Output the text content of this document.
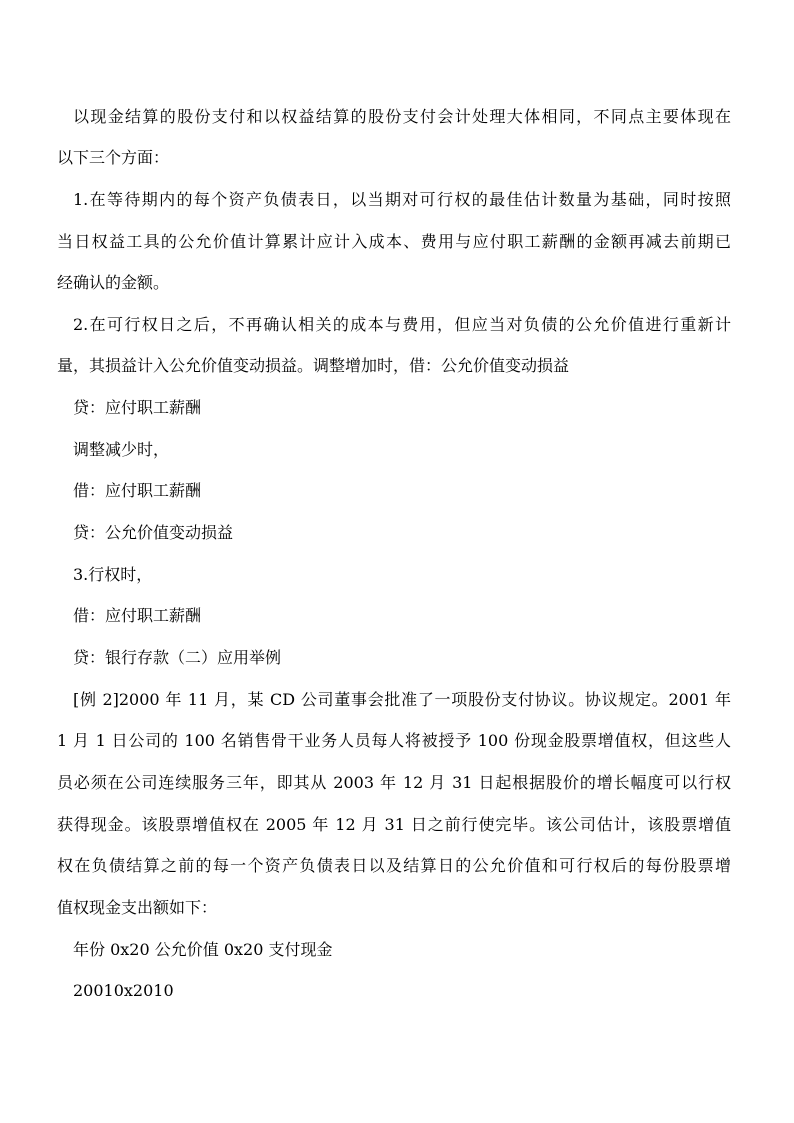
以现金结算的股份支付和以权益结算的股份支付会计处理大体相同，不同点主要体现在

以下三个方面：

1.在等待期内的每个资产负债表日，以当期对可行权的最佳估计数量为基础，同时按照

当日权益工具的公允价值计算累计应计入成本、费用与应付职工薪酬的金额再减去前期已

经确认的金额。

2.在可行权日之后，不再确认相关的成本与费用，但应当对负债的公允价值进行重新计

量，其损益计入公允价值变动损益。调整增加时，借：公允价值变动损益

贷：应付职工薪酬

调整减少时，

借：应付职工薪酬

贷：公允价值变动损益

3.行权时，

借：应付职工薪酬

贷：银行存款（二）应用举例

[例 2]2000 年 11 月，某 CD 公司董事会批准了一项股份支付协议。协议规定。2001 年

1 月 1 日公司的 100 名销售骨干业务人员每人将被授予 100 份现金股票增值权，但这些人

员必须在公司连续服务三年，即其从 2003 年 12 月 31 日起根据股价的增长幅度可以行权

获得现金。该股票增值权在 2005 年 12 月 31 日之前行使完毕。该公司估计，该股票增值

权在负债结算之前的每一个资产负债表日以及结算日的公允价值和可行权后的每份股票增

值权现金支出额如下：

年份 0x20 公允价值 0x20 支付现金

20010x2010
